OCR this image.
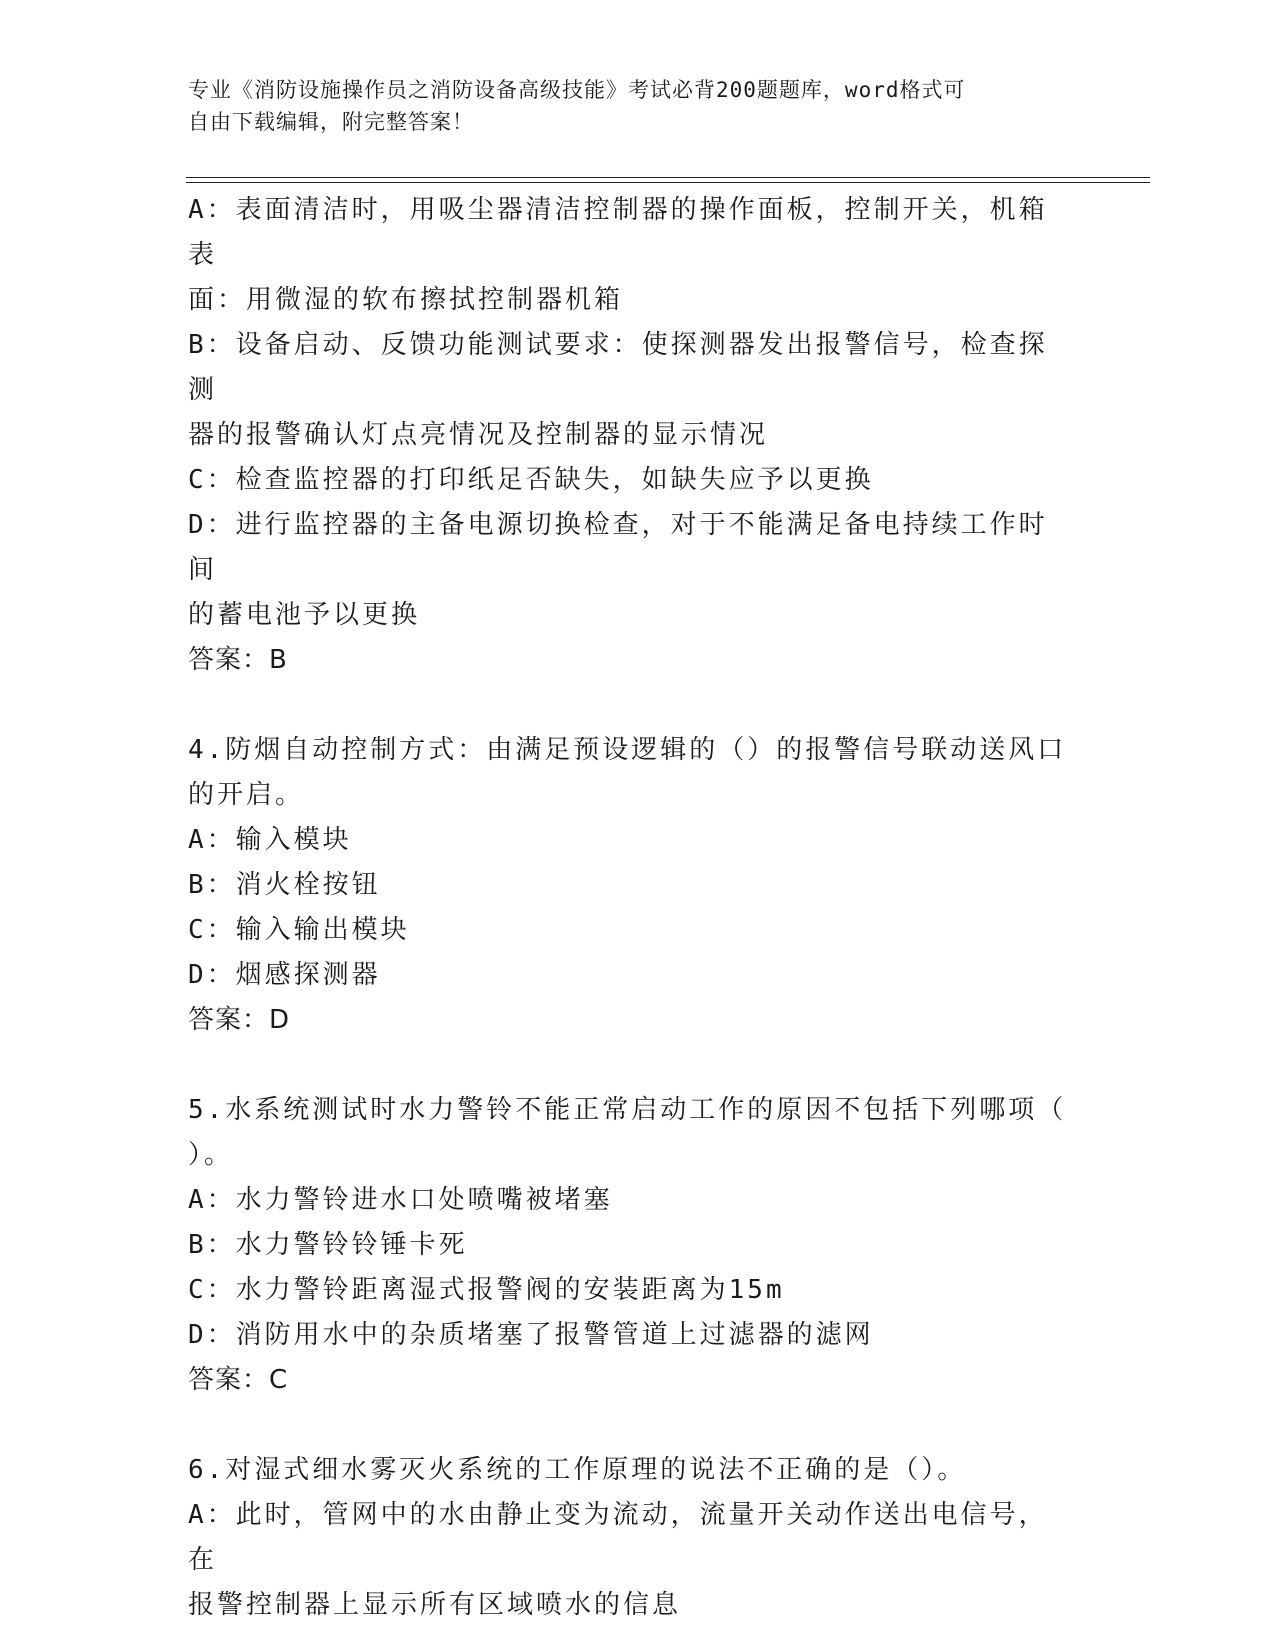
专业《消防设施操作员之消防设备高级技能》考试必背200题题库，word格式可
自由下载编辑，附完整答案！

A：表面清洁时，用吸尘器清洁控制器的操作面板，控制开关，机箱表

面：用微湿的软布擦拭控制器机箱

B：设备启动、反馈功能测试要求：使探测器发出报警信号，检查探测

器的报警确认灯点亮情况及控制器的显示情况

C：检查监控器的打印纸足否缺失，如缺失应予以更换

D：进行监控器的主备电源切换检查，对于不能满足备电持续工作时间

的蓄电池予以更换

答案：B

4.防烟自动控制方式：由满足预设逻辑的（）的报警信号联动送风口

的开启。

A：输入模块

B：消火栓按钮

C：输入输出模块

D：烟感探测器

答案：D

5.水系统测试时水力警铃不能正常启动工作的原因不包括下列哪项（

）。

A：水力警铃进水口处喷嘴被堵塞

B：水力警铃铃锤卡死

C：水力警铃距离湿式报警阀的安装距离为15m

D：消防用水中的杂质堵塞了报警管道上过滤器的滤网

答案：C

6.对湿式细水雾灭火系统的工作原理的说法不正确的是（）。

A：此时，管网中的水由静止变为流动，流量开关动作送出电信号，在

报警控制器上显示所有区域喷水的信息
